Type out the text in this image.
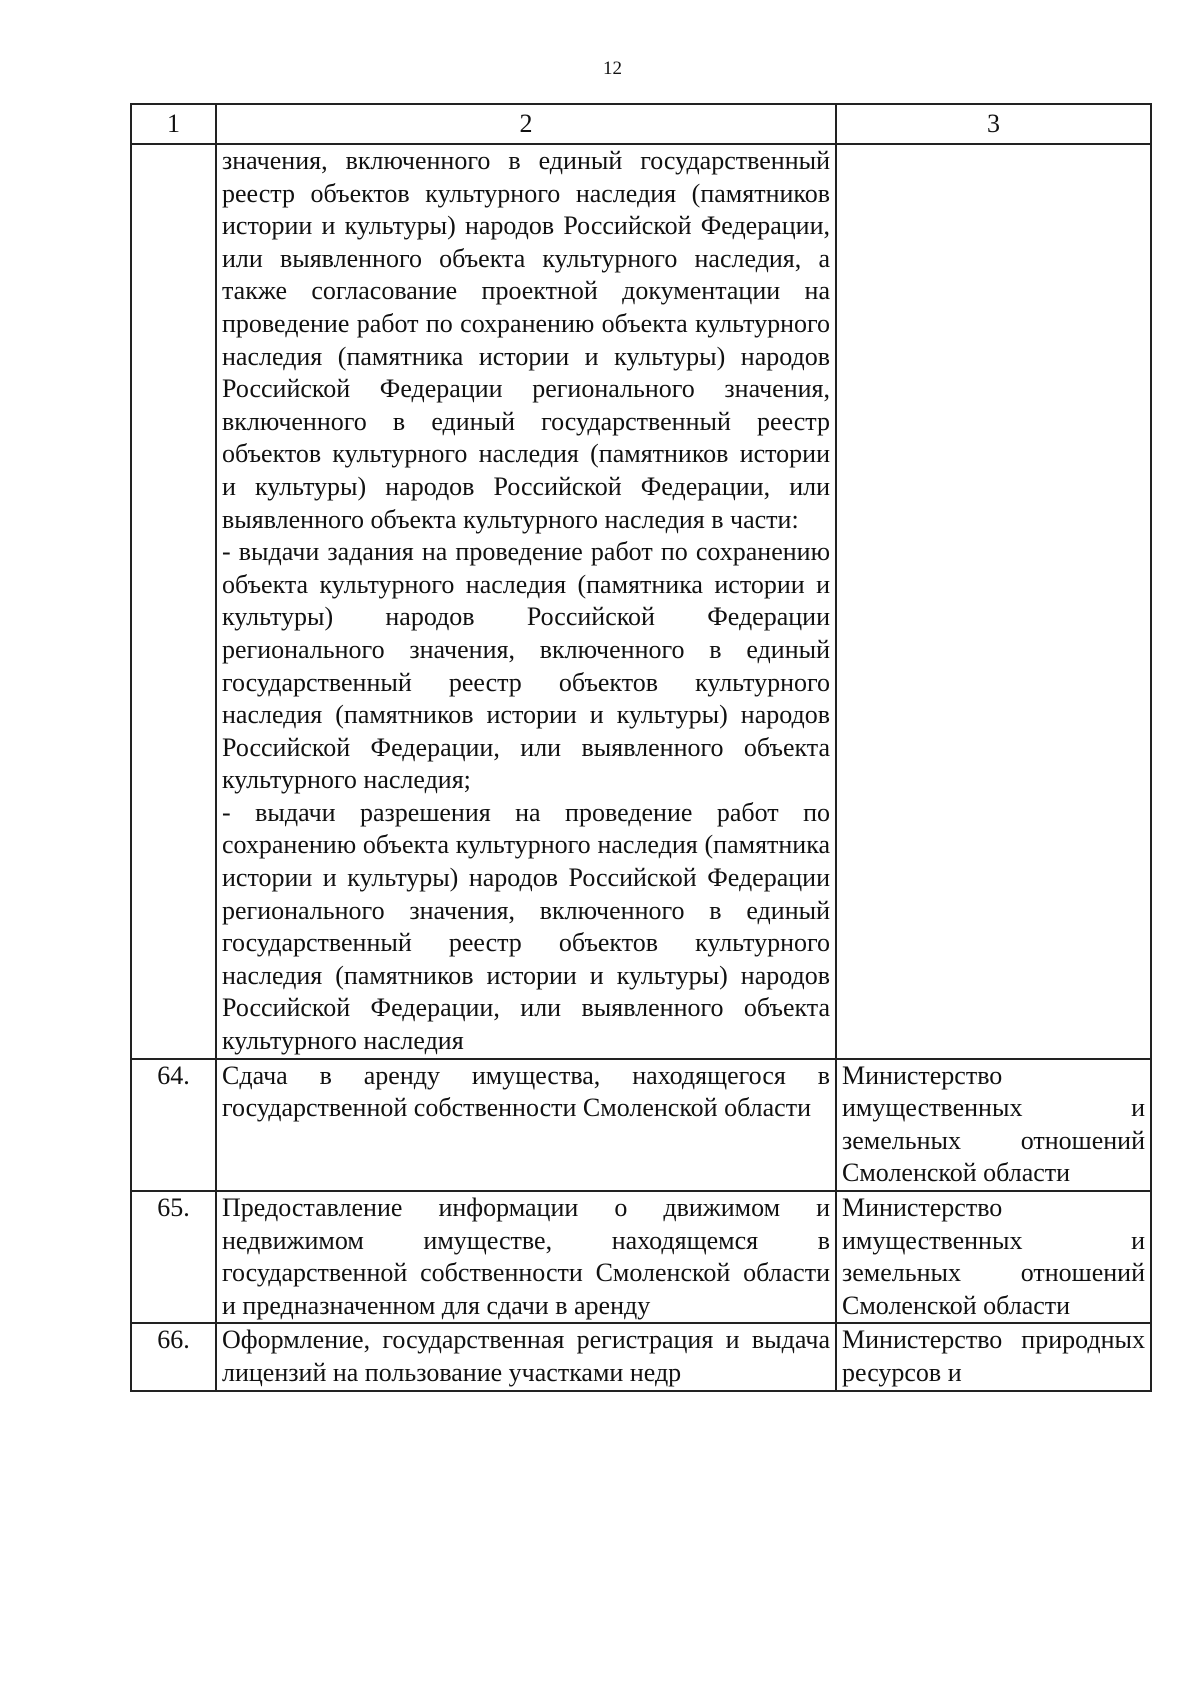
12
1	2	3

	значения, включенного в единый государственный реестр объектов культурного наследия (памятников истории и культуры) народов Российской Федерации, или выявленного объекта культурного наследия, а также согласование проектной документации на проведение работ по сохранению объекта культурного наследия (памятника истории и культуры) народов Российской Федерации регионального значения, включенного в единый государственный реестр объектов культурного наследия (памятников истории и культуры) народов Российской Федерации, или выявленного объекта культурного наследия в части:
- выдачи задания на проведение работ по сохранению объекта культурного наследия (памятника истории и культуры) народов Российской Федерации регионального значения, включенного в единый государственный реестр объектов культурного наследия (памятников истории и культуры) народов Российской Федерации, или выявленного объекта культурного наследия;
- выдачи разрешения на проведение работ по сохранению объекта культурного наследия (памятника истории и культуры) народов Российской Федерации регионального значения, включенного в единый государственный реестр объектов культурного наследия (памятников истории и культуры) народов Российской Федерации, или выявленного объекта культурного наследия	

64.	Сдача в аренду имущества, находящегося в государственной собственности Смоленской области	Министерство имущественных и земельных отношений Смоленской области
65.	Предоставление информации о движимом и недвижимом имуществе, находящемся в государственной собственности Смоленской области и предназначенном для сдачи в аренду	Министерство имущественных и земельных отношений Смоленской области
66.	Оформление, государственная регистрация и выдача лицензий на пользование участками недр	Министерство природных ресурсов и
